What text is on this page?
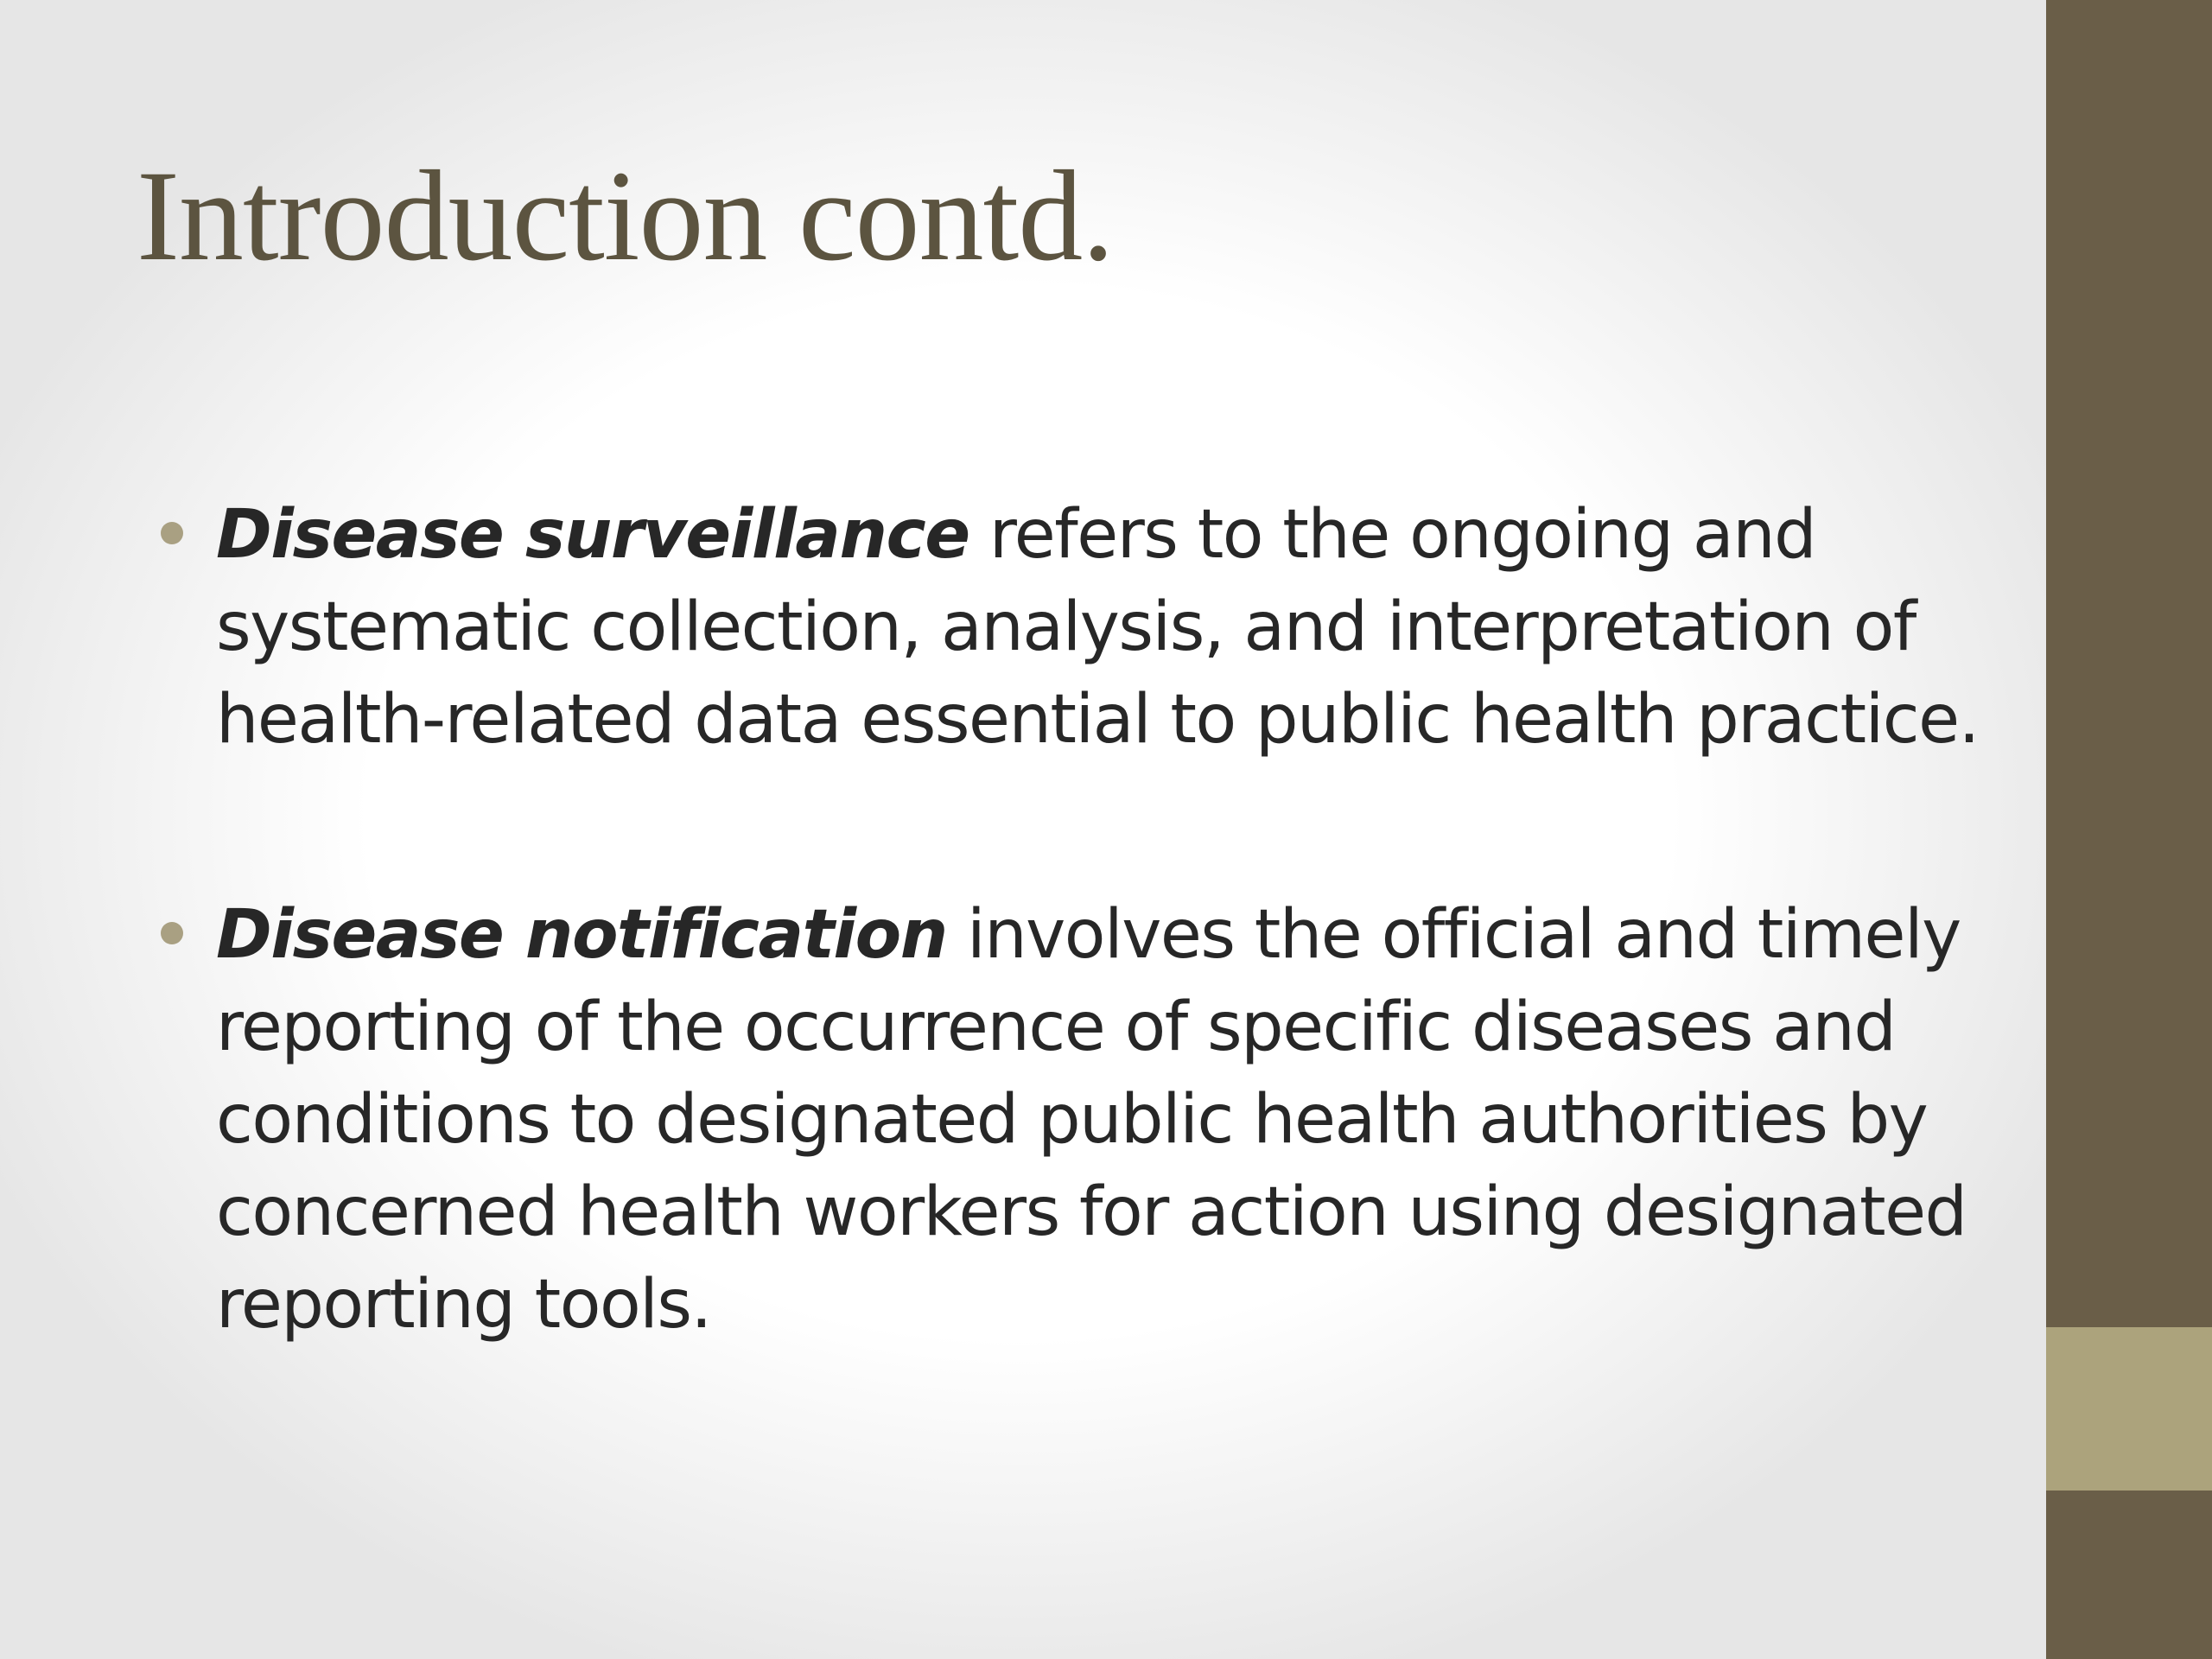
Introduction contd.
Disease surveillance refers to the ongoing and systematic collection, analysis, and interpretation of health-related data essential to public health practice.
Disease notification involves the official and timely reporting of the occurrence of specific diseases and conditions to designated public health authorities by concerned health workers for action using designated reporting tools.
